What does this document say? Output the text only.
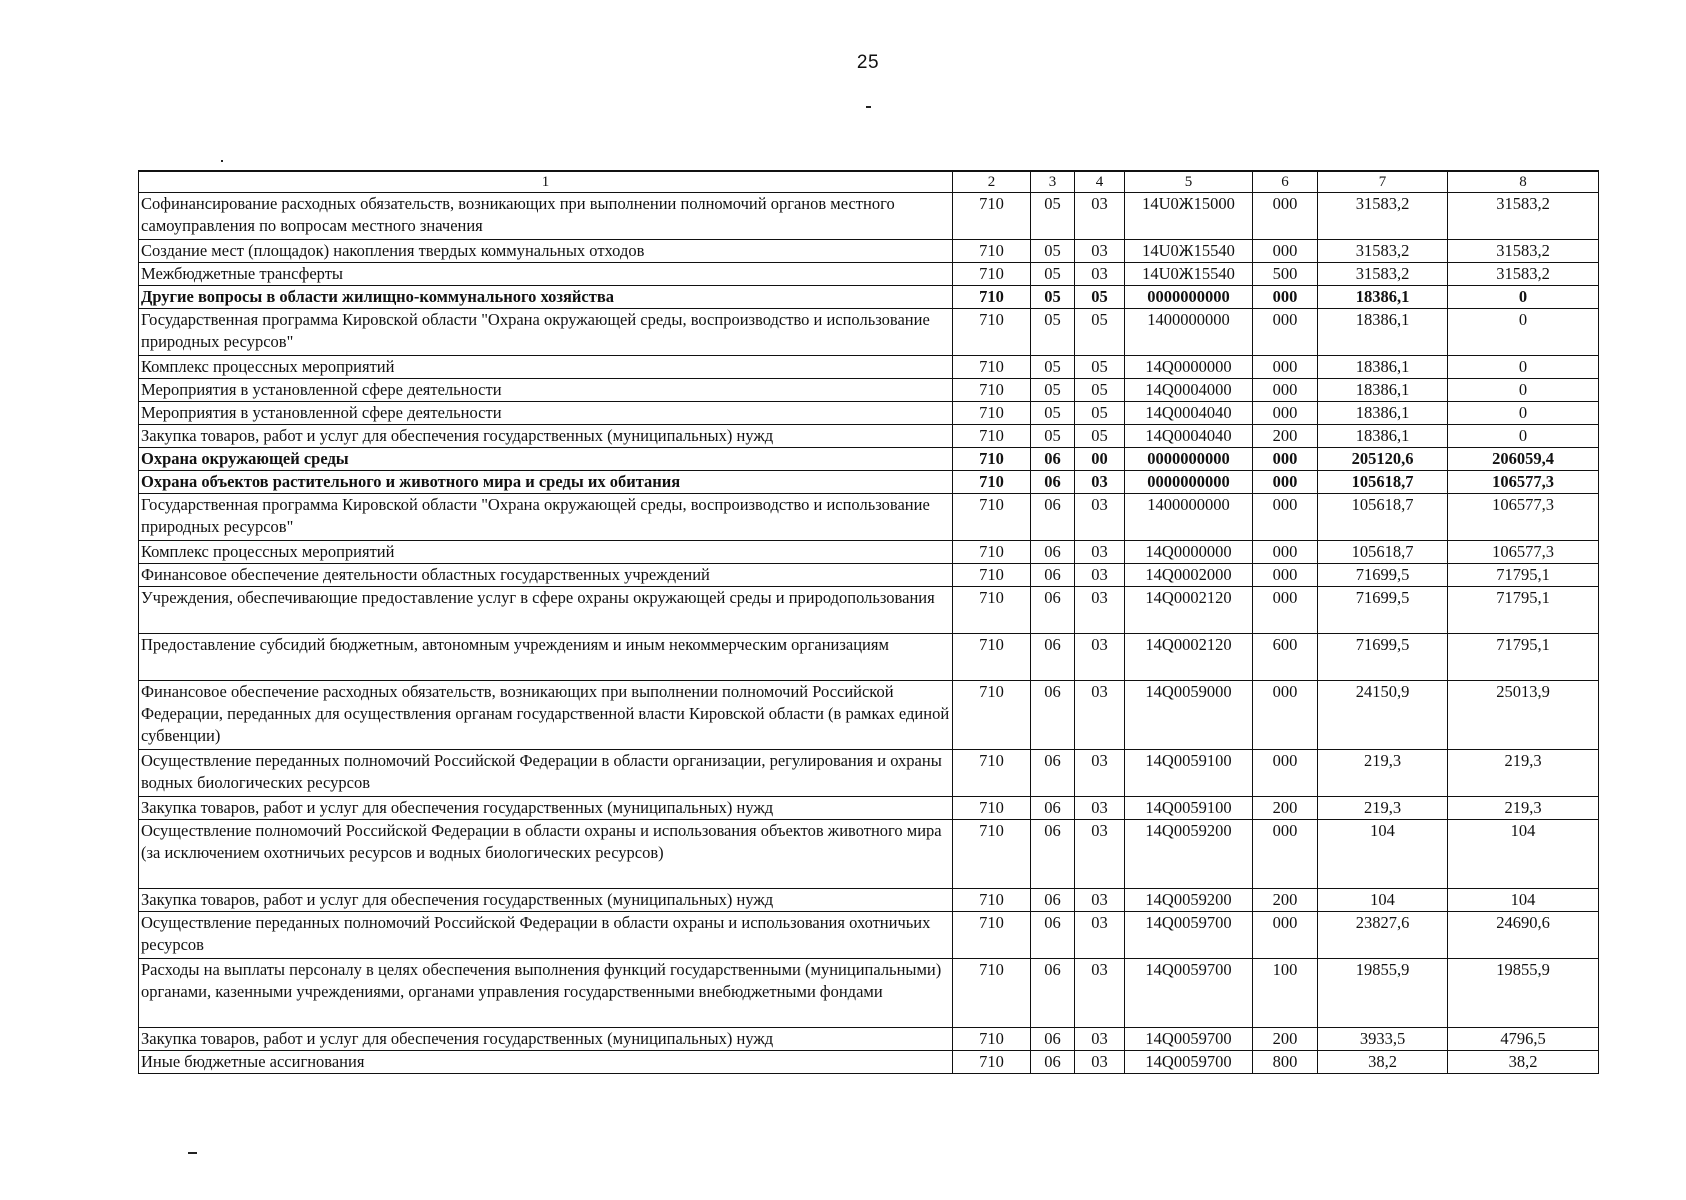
25
1	2	3	4	5	6	7	8
Софинансирование расходных обязательств, возникающих при выполнении полномочий органов местного самоуправления по вопросам местного значения	710	05	03	14U0Ж15000	000	31583,2	31583,2
Создание мест (площадок) накопления твердых коммунальных отходов	710	05	03	14U0Ж15540	000	31583,2	31583,2
Межбюджетные трансферты	710	05	03	14U0Ж15540	500	31583,2	31583,2
Другие вопросы в области жилищно-коммунального хозяйства	710	05	05	0000000000	000	18386,1	0
Государственная программа Кировской области "Охрана окружающей среды, воспроизводство и использование природных ресурсов"	710	05	05	1400000000	000	18386,1	0
Комплекс процессных мероприятий	710	05	05	14Q0000000	000	18386,1	0
Мероприятия в установленной сфере деятельности	710	05	05	14Q0004000	000	18386,1	0
Мероприятия в установленной сфере деятельности	710	05	05	14Q0004040	000	18386,1	0
Закупка товаров, работ и услуг для обеспечения государственных (муниципальных) нужд	710	05	05	14Q0004040	200	18386,1	0
Охрана окружающей среды	710	06	00	0000000000	000	205120,6	206059,4
Охрана объектов растительного и животного мира и среды их обитания	710	06	03	0000000000	000	105618,7	106577,3
Государственная программа Кировской области "Охрана окружающей среды, воспроизводство и использование природных ресурсов"	710	06	03	1400000000	000	105618,7	106577,3
Комплекс процессных мероприятий	710	06	03	14Q0000000	000	105618,7	106577,3
Финансовое обеспечение деятельности областных государственных учреждений	710	06	03	14Q0002000	000	71699,5	71795,1
Учреждения, обеспечивающие предоставление услуг в сфере охраны окружающей среды и природопользования	710	06	03	14Q0002120	000	71699,5	71795,1
Предоставление субсидий бюджетным, автономным учреждениям и иным некоммерческим организациям	710	06	03	14Q0002120	600	71699,5	71795,1
Финансовое обеспечение расходных обязательств, возникающих при выполнении полномочий Российской Федерации, переданных для осуществления органам государственной власти Кировской области (в рамках единой субвенции)	710	06	03	14Q0059000	000	24150,9	25013,9
Осуществление переданных полномочий Российской Федерации в области организации, регулирования и охраны водных биологических ресурсов	710	06	03	14Q0059100	000	219,3	219,3
Закупка товаров, работ и услуг для обеспечения государственных (муниципальных) нужд	710	06	03	14Q0059100	200	219,3	219,3
Осуществление полномочий Российской Федерации в области охраны и использования объектов животного мира (за исключением охотничьих ресурсов и водных биологических ресурсов)	710	06	03	14Q0059200	000	104	104
Закупка товаров, работ и услуг для обеспечения государственных (муниципальных) нужд	710	06	03	14Q0059200	200	104	104
Осуществление переданных полномочий Российской Федерации в области охраны и использования охотничьих ресурсов	710	06	03	14Q0059700	000	23827,6	24690,6
Расходы на выплаты персоналу в целях обеспечения выполнения функций государственными (муниципальными) органами, казенными учреждениями, органами управления государственными внебюджетными фондами	710	06	03	14Q0059700	100	19855,9	19855,9
Закупка товаров, работ и услуг для обеспечения государственных (муниципальных) нужд	710	06	03	14Q0059700	200	3933,5	4796,5
Иные бюджетные ассигнования	710	06	03	14Q0059700	800	38,2	38,2
